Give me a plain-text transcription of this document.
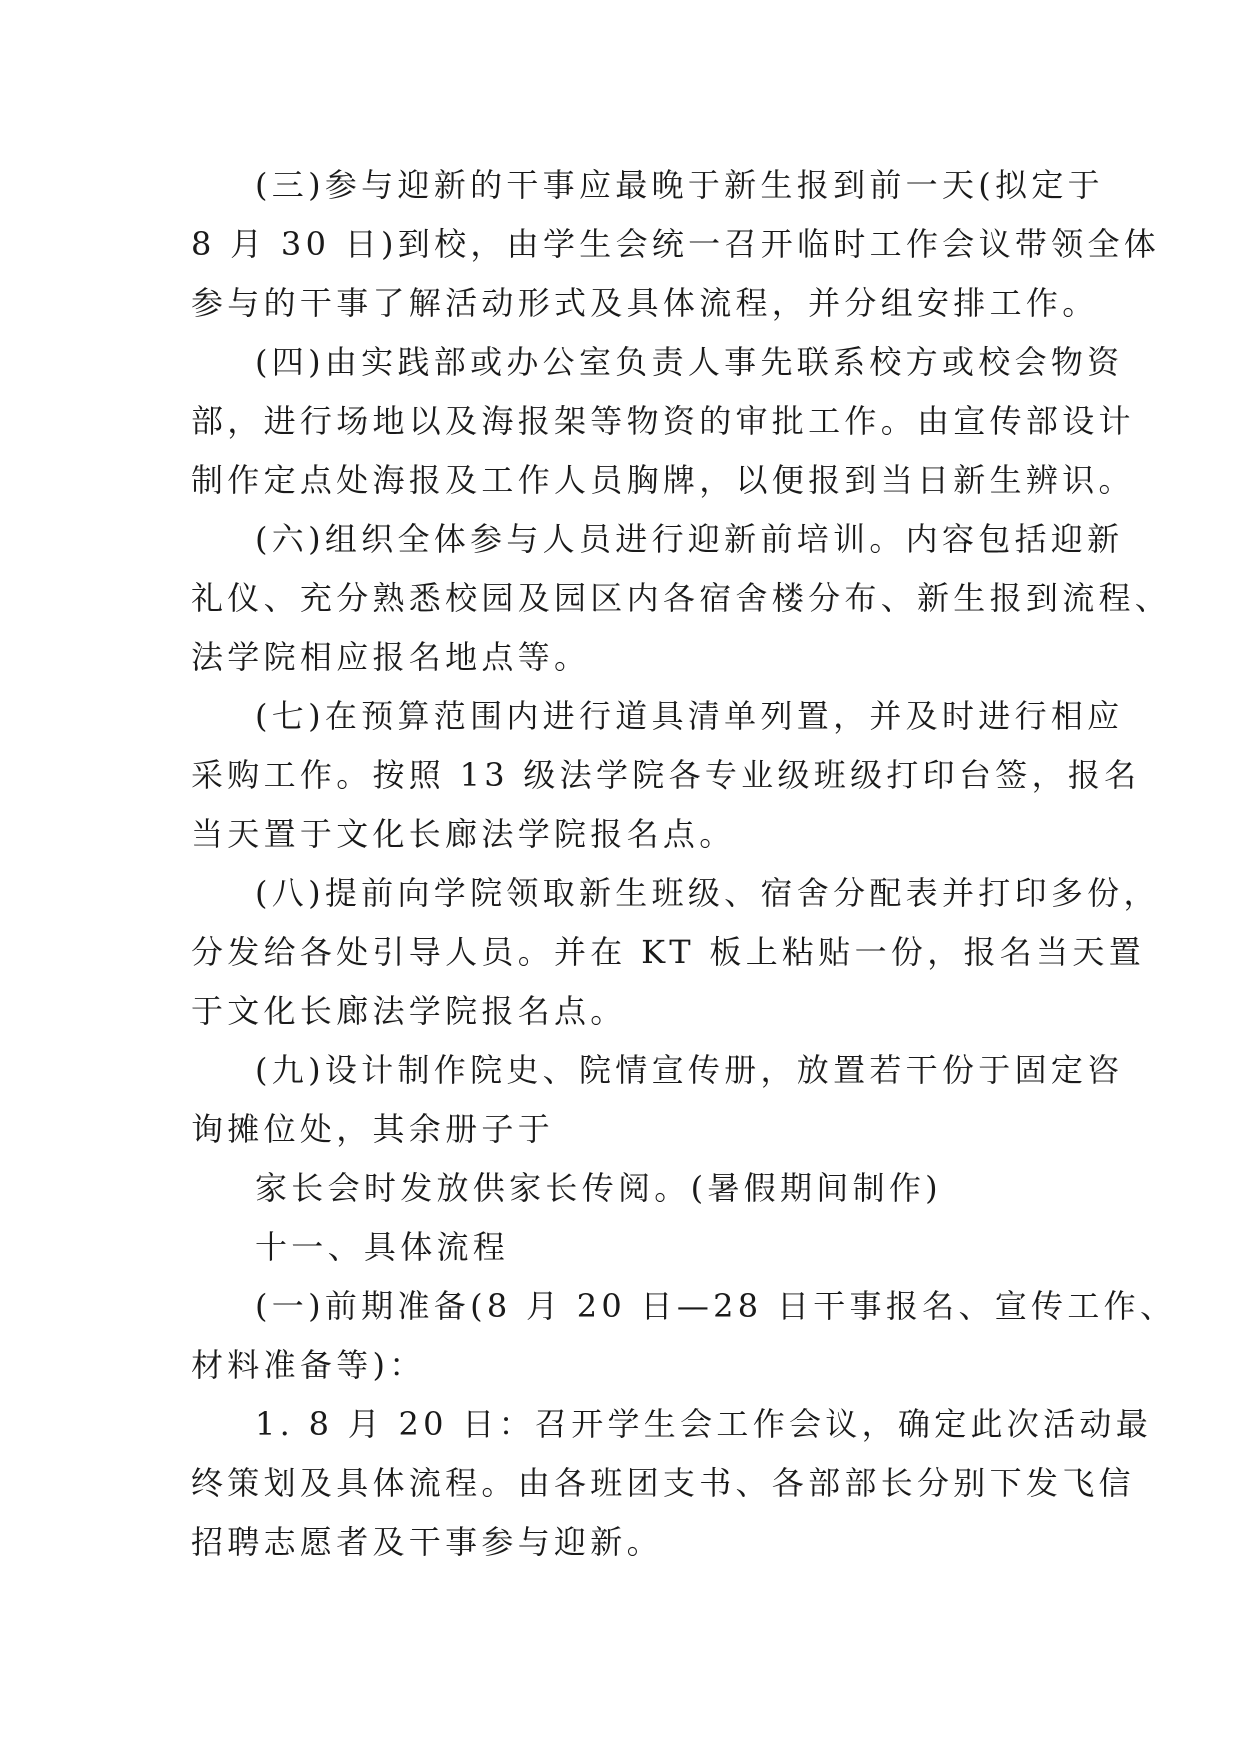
(三)参与迎新的干事应最晚于新生报到前一天(拟定于
8 月 30 日)到校，由学生会统一召开临时工作会议带领全体
参与的干事了解活动形式及具体流程，并分组安排工作。
(四)由实践部或办公室负责人事先联系校方或校会物资
部，进行场地以及海报架等物资的审批工作。由宣传部设计
制作定点处海报及工作人员胸牌，以便报到当日新生辨识。
(六)组织全体参与人员进行迎新前培训。内容包括迎新
礼仪、充分熟悉校园及园区内各宿舍楼分布、新生报到流程、
法学院相应报名地点等。
(七)在预算范围内进行道具清单列置，并及时进行相应
采购工作。按照 13 级法学院各专业级班级打印台签，报名
当天置于文化长廊法学院报名点。
(八)提前向学院领取新生班级、宿舍分配表并打印多份，
分发给各处引导人员。并在 KT 板上粘贴一份，报名当天置
于文化长廊法学院报名点。
(九)设计制作院史、院情宣传册，放置若干份于固定咨
询摊位处，其余册子于
家长会时发放供家长传阅。(暑假期间制作)
十一、具体流程
(一)前期准备(8 月 20 日—28 日干事报名、宣传工作、
材料准备等)：
1. 8 月 20 日：召开学生会工作会议，确定此次活动最
终策划及具体流程。由各班团支书、各部部长分别下发飞信
招聘志愿者及干事参与迎新。
